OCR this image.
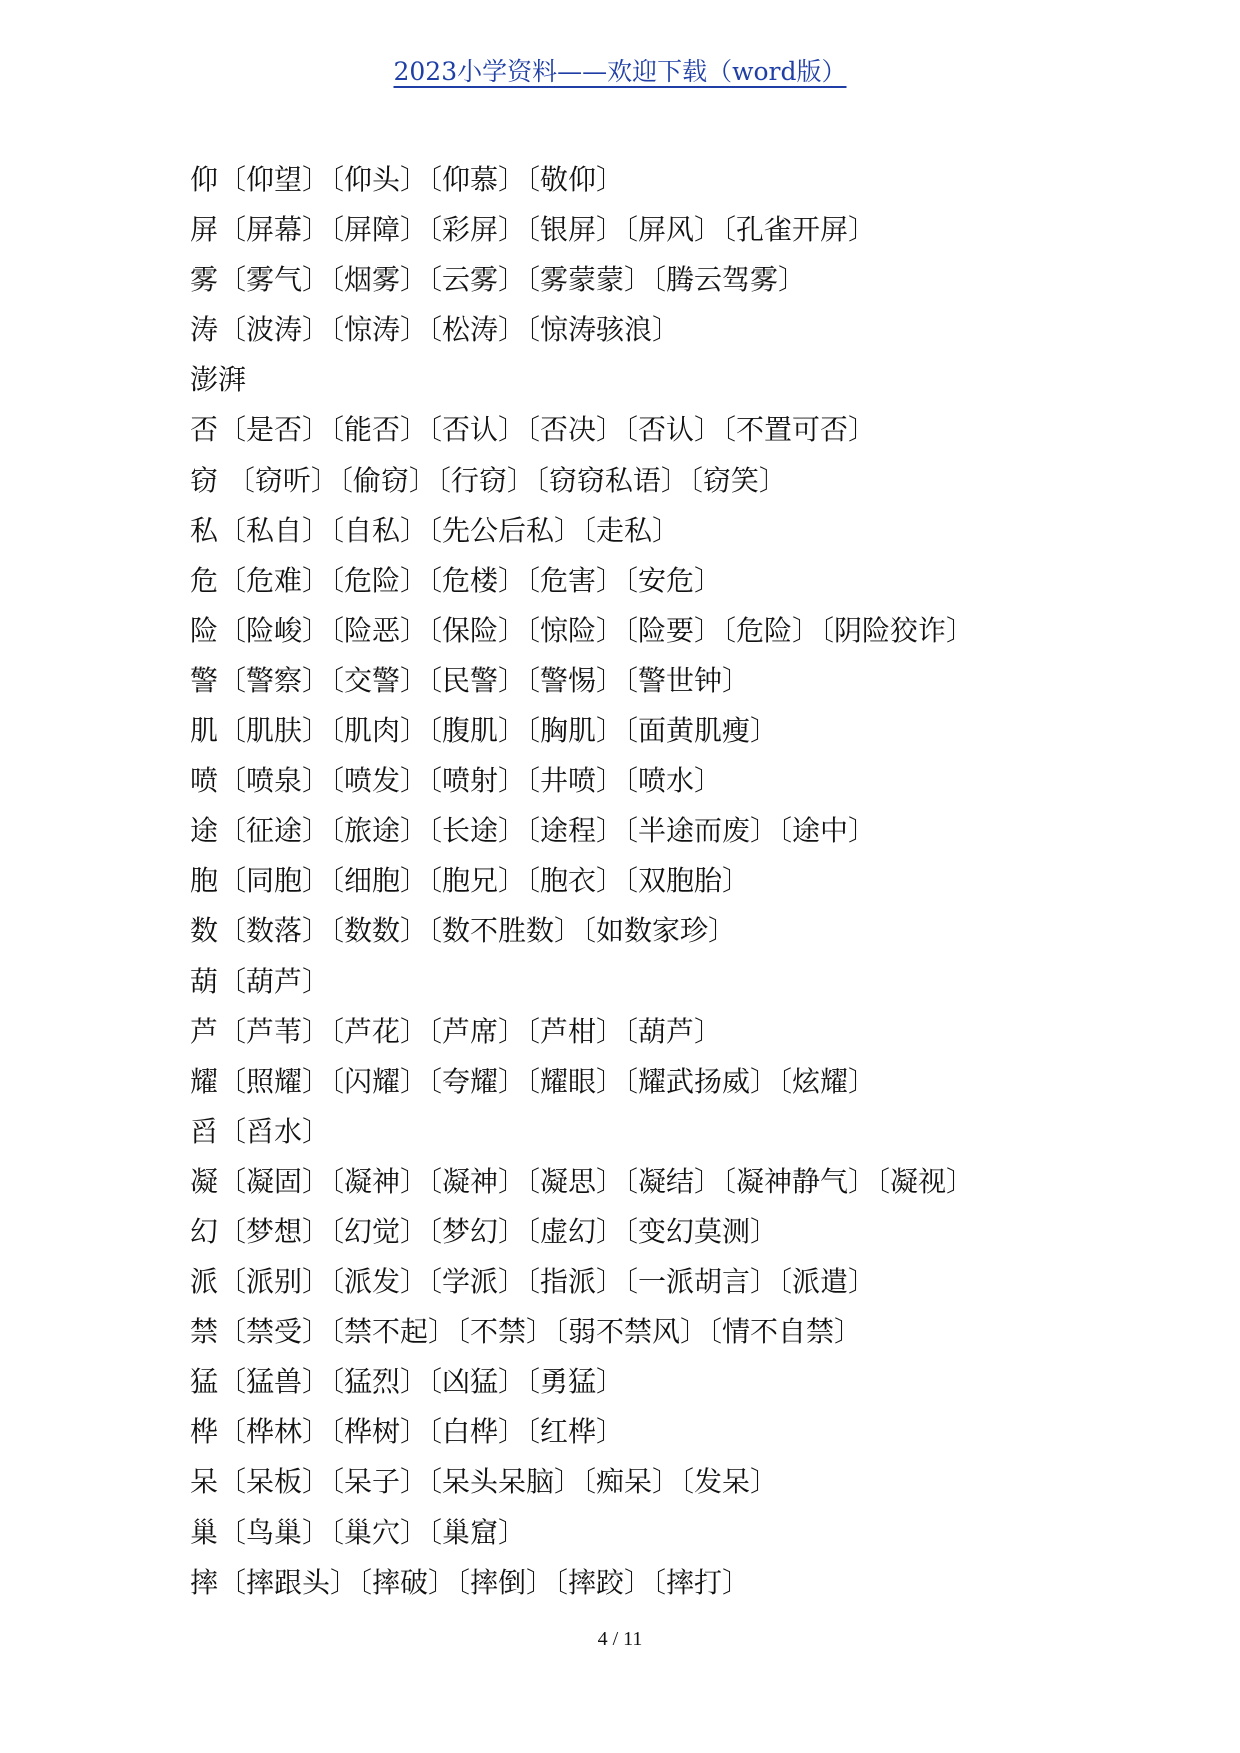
2023小学资料——欢迎下载（word版）
仰〔仰望〕〔仰头〕〔仰慕〕〔敬仰〕
屏〔屏幕〕〔屏障〕〔彩屏〕〔银屏〕〔屏风〕〔孔雀开屏〕
雾〔雾气〕〔烟雾〕〔云雾〕〔雾蒙蒙〕〔腾云驾雾〕
涛〔波涛〕〔惊涛〕〔松涛〕〔惊涛骇浪〕
澎湃
否〔是否〕〔能否〕〔否认〕〔否决〕〔否认〕〔不置可否〕
窃 〔窃听〕〔偷窃〕〔行窃〕〔窃窃私语〕〔窃笑〕
私〔私自〕〔自私〕〔先公后私〕〔走私〕
危〔危难〕〔危险〕〔危楼〕〔危害〕〔安危〕
险〔险峻〕〔险恶〕〔保险〕〔惊险〕〔险要〕〔危险〕〔阴险狡诈〕
警〔警察〕〔交警〕〔民警〕〔警惕〕〔警世钟〕
肌〔肌肤〕〔肌肉〕〔腹肌〕〔胸肌〕〔面黄肌瘦〕
喷〔喷泉〕〔喷发〕〔喷射〕〔井喷〕〔喷水〕
途〔征途〕〔旅途〕〔长途〕〔途程〕〔半途而废〕〔途中〕
胞〔同胞〕〔细胞〕〔胞兄〕〔胞衣〕〔双胞胎〕
数〔数落〕〔数数〕〔数不胜数〕〔如数家珍〕
葫〔葫芦〕
芦〔芦苇〕〔芦花〕〔芦席〕〔芦柑〕〔葫芦〕
耀〔照耀〕〔闪耀〕〔夸耀〕〔耀眼〕〔耀武扬威〕〔炫耀〕
舀〔舀水〕
凝〔凝固〕〔凝神〕〔凝神〕〔凝思〕〔凝结〕〔凝神静气〕〔凝视〕
幻〔梦想〕〔幻觉〕〔梦幻〕〔虚幻〕〔变幻莫测〕
派〔派别〕〔派发〕〔学派〕〔指派〕〔一派胡言〕〔派遣〕
禁〔禁受〕〔禁不起〕〔不禁〕〔弱不禁风〕〔情不自禁〕
猛〔猛兽〕〔猛烈〕〔凶猛〕〔勇猛〕
桦〔桦林〕〔桦树〕〔白桦〕〔红桦〕
呆〔呆板〕〔呆子〕〔呆头呆脑〕〔痴呆〕〔发呆〕
巢〔鸟巢〕〔巢穴〕〔巢窟〕
摔〔摔跟头〕〔摔破〕〔摔倒〕〔摔跤〕〔摔打〕
4 / 11
